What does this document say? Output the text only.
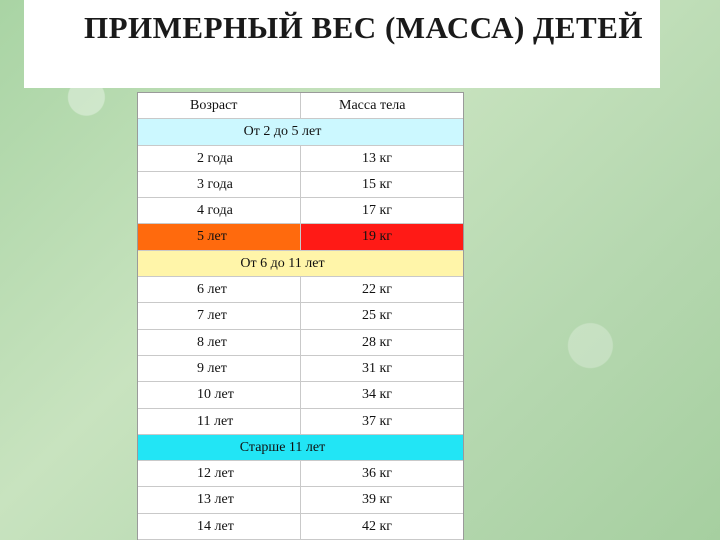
ПРИМЕРНЫЙ ВЕС (МАССА) ДЕТЕЙ
Возраст	Масса тела
От 2 до 5 лет
2 года	13 кг
3 года	15 кг
4 года	17 кг
5 лет	19 кг
От 6 до 11 лет
6 лет	22 кг
7 лет	25 кг
8 лет	28 кг
9 лет	31 кг
10 лет	34 кг
11 лет	37 кг
Старше 11 лет
12 лет	36 кг
13 лет	39 кг
14 лет	42 кг
